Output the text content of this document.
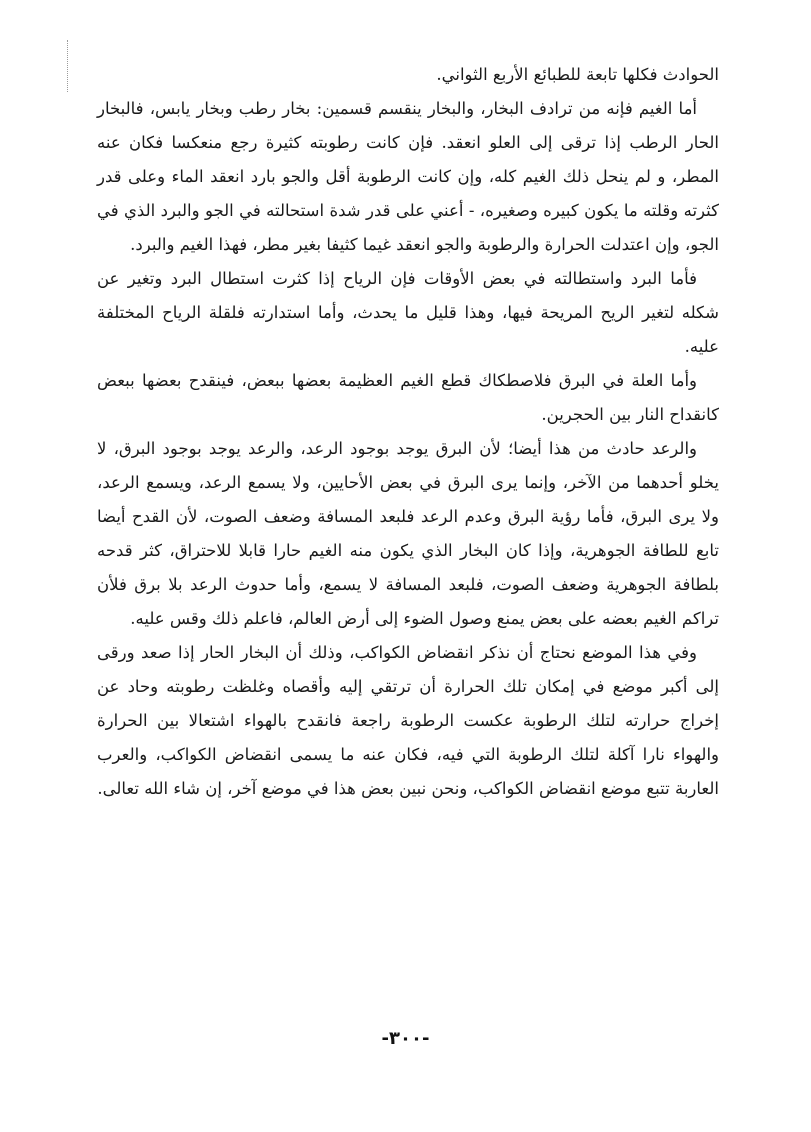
الحوادث فكلها تابعة للطبائع الأربع الثواني.

أما الغيم فإنه من ترادف البخار، والبخار ينقسم قسمين: بخار رطب وبخار يابس، فالبخار الحار الرطب إذا ترقى إلى العلو انعقد. فإن كانت رطوبته كثيرة رجع منعكسا فكان عنه المطر، و لم ينحل ذلك الغيم كله، وإن كانت الرطوبة أقل والجو بارد انعقد الماء وعلى قدر كثرته وقلته ما يكون كبيره وصغيره، - أعني على قدر شدة استحالته في الجو والبرد الذي في الجو، وإن اعتدلت الحرارة والرطوبة والجو انعقد غيما كثيفا بغير مطر، فهذا الغيم والبرد.

فأما البرد واستطالته في بعض الأوقات فإن الرياح إذا كثرت استطال البرد وتغير عن شكله لتغير الريح المريحة فيها، وهذا قليل ما يحدث، وأما استدارته فلقلة الرياح المختلفة عليه.

وأما العلة في البرق فلاصطكاك قطع الغيم العظيمة بعضها ببعض، فينقدح بعضها ببعض كانقداح النار بين الحجرين.

والرعد حادث من هذا أيضا؛ لأن البرق يوجد بوجود الرعد، والرعد يوجد بوجود البرق، لا يخلو أحدهما من الآخر، وإنما يرى البرق في بعض الأحايين، ولا يسمع الرعد، ويسمع الرعد، ولا يرى البرق، فأما رؤية البرق وعدم الرعد فلبعد المسافة وضعف الصوت، لأن القدح أيضا تابع للطافة الجوهرية، وإذا كان البخار الذي يكون منه الغيم حارا قابلا للاحتراق، كثر قدحه بلطافة الجوهرية وضعف الصوت، فلبعد المسافة لا يسمع، وأما حدوث الرعد بلا برق فلأن تراكم الغيم بعضه على بعض يمنع وصول الضوء إلى أرض العالم، فاعلم ذلك وقس عليه.

وفي هذا الموضع نحتاج أن نذكر انقضاض الكواكب، وذلك أن البخار الحار إذا صعد ورقى إلى أكبر موضع في إمكان تلك الحرارة أن ترتقي إليه وأقصاه وغلظت رطوبته وحاد عن إخراج حرارته لتلك الرطوبة عكست الرطوبة راجعة فانقدح بالهواء اشتعالا بين الحرارة والهواء نارا آكلة لتلك الرطوبة التي فيه، فكان عنه ما يسمى انقضاض الكواكب، والعرب العاربة تتبع موضع انقضاض الكواكب، ونحن نبين بعض هذا في موضع آخر، إن شاء الله تعالى.

-٣٠٠-
